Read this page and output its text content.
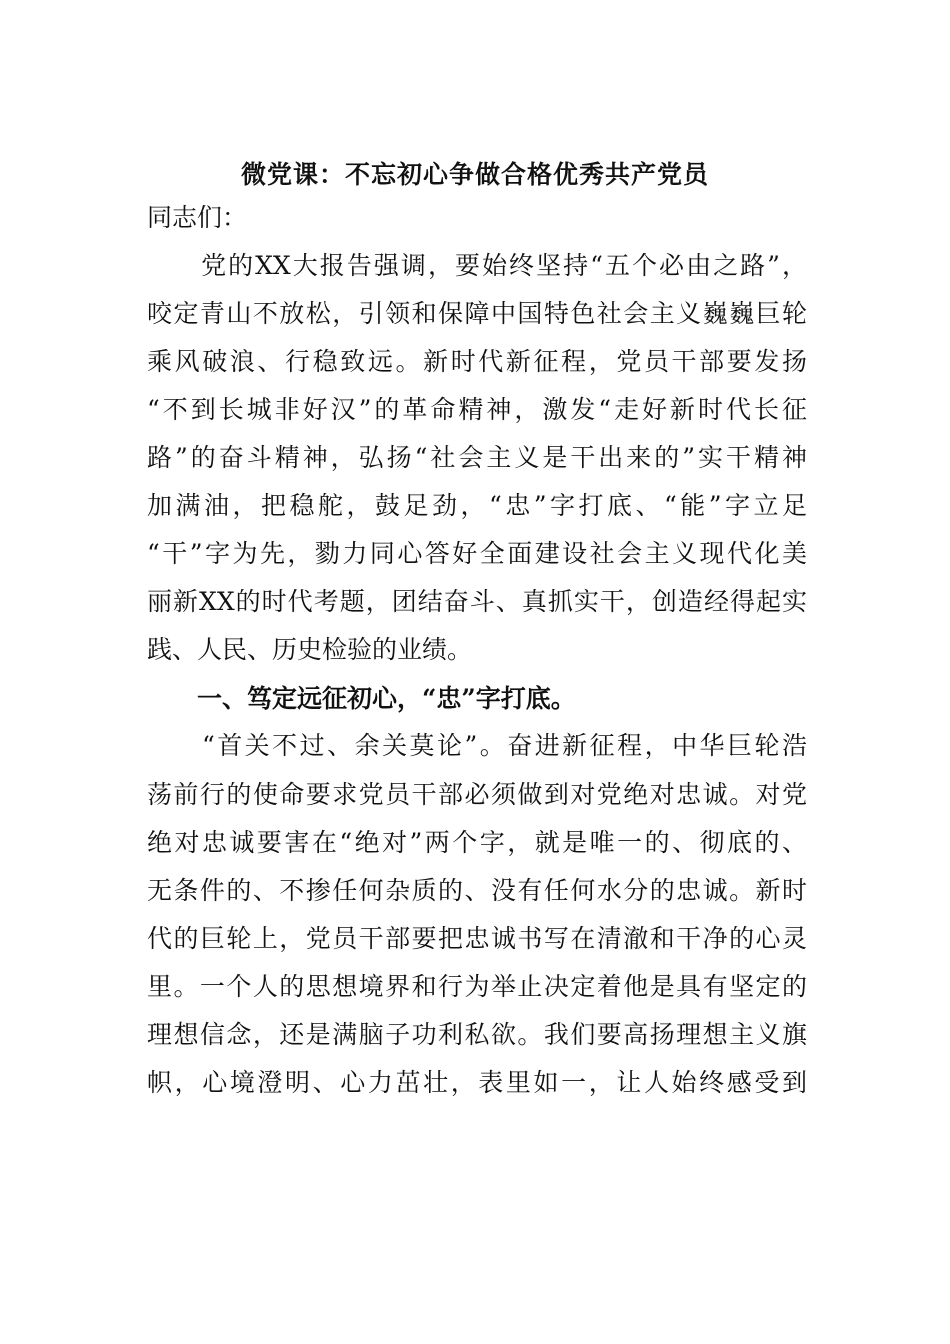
微党课：不忘初心争做合格优秀共产党员
同志们：
　　党的XX大报告强调，要始终坚持“五个必由之路”，
咬定青山不放松，引领和保障中国特色社会主义巍巍巨轮
乘风破浪、行稳致远。新时代新征程，党员干部要发扬
“不到长城非好汉”的革命精神，激发“走好新时代长征
路”的奋斗精神，弘扬“社会主义是干出来的”实干精神
加满油，把稳舵，鼓足劲，“忠”字打底、“能”字立足
“干”字为先，勠力同心答好全面建设社会主义现代化美
丽新XX的时代考题，团结奋斗、真抓实干，创造经得起实
践、人民、历史检验的业绩。
　　一、笃定远征初心，“忠”字打底。
　　“首关不过、余关莫论”。奋进新征程，中华巨轮浩
荡前行的使命要求党员干部必须做到对党绝对忠诚。对党
绝对忠诚要害在“绝对”两个字，就是唯一的、彻底的、
无条件的、不掺任何杂质的、没有任何水分的忠诚。新时
代的巨轮上，党员干部要把忠诚书写在清澈和干净的心灵
里。一个人的思想境界和行为举止决定着他是具有坚定的
理想信念，还是满脑子功利私欲。我们要高扬理想主义旗
帜，心境澄明、心力茁壮，表里如一，让人始终感受到
